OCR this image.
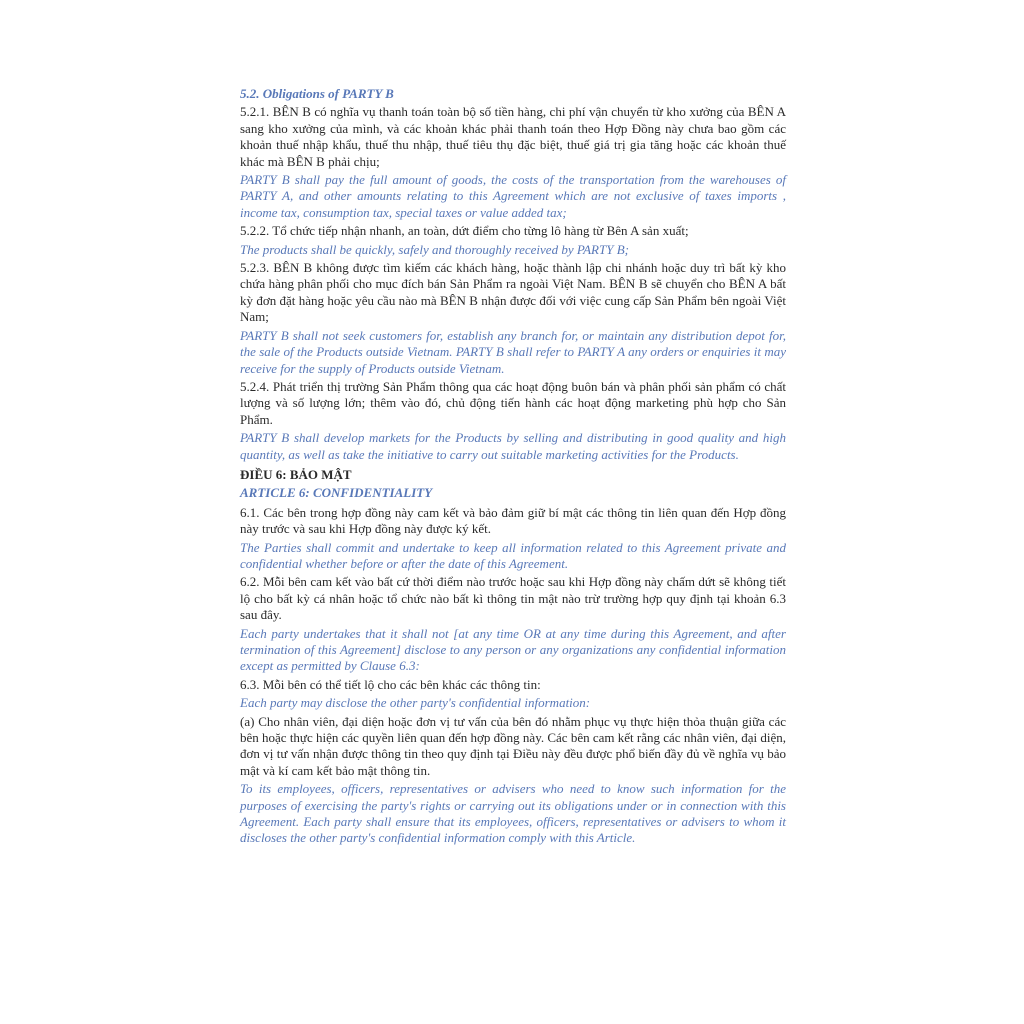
5.2. Obligations of PARTY B
5.2.1. BÊN B có nghĩa vụ thanh toán toàn bộ số tiền hàng, chi phí vận chuyển từ kho xưởng của BÊN A sang kho xưởng của mình, và các khoản khác phải thanh toán theo Hợp Đồng này chưa bao gồm các khoản thuế nhập khẩu, thuế thu nhập, thuế tiêu thụ đặc biệt, thuế giá trị gia tăng hoặc các khoản thuế khác mà BÊN B phải chịu;
PARTY B shall pay the full amount of goods, the costs of the transportation from the warehouses of PARTY A, and other amounts relating to this Agreement which are not exclusive of taxes imports , income tax, consumption tax, special taxes or value added tax;
5.2.2. Tổ chức tiếp nhận nhanh, an toàn, dứt điểm cho từng lô hàng từ Bên A sản xuất;
The products shall be quickly, safely and thoroughly received by PARTY B;
5.2.3. BÊN B không được tìm kiếm các khách hàng, hoặc thành lập chi nhánh hoặc duy trì bất kỳ kho chứa hàng phân phối cho mục đích bán Sản Phẩm ra ngoài Việt Nam. BÊN B sẽ chuyển cho BÊN A bất kỳ đơn đặt hàng hoặc yêu cầu nào mà BÊN B nhận được đối với việc cung cấp Sản Phẩm bên ngoài Việt Nam;
PARTY B shall not seek customers for, establish any branch for, or maintain any distribution depot for, the sale of the Products outside Vietnam. PARTY B shall refer to PARTY A any orders or enquiries it may receive for the supply of Products outside Vietnam.
5.2.4. Phát triển thị trường Sản Phẩm thông qua các hoạt động buôn bán và phân phối sản phẩm có chất lượng và số lượng lớn; thêm vào đó, chủ động tiến hành các hoạt động marketing phù hợp cho Sản Phẩm.
PARTY B shall develop markets for the Products by selling and distributing in good quality and high quantity, as well as take the initiative to carry out suitable marketing activities for the Products.
ĐIỀU 6: BẢO MẬT
ARTICLE 6: CONFIDENTIALITY
6.1. Các bên trong hợp đồng này cam kết và bảo đảm giữ bí mật các thông tin liên quan đến Hợp đồng này trước và sau khi Hợp đồng này được ký kết.
The Parties shall commit and undertake to keep all information related to this Agreement private and confidential whether before or after the date of this Agreement.
6.2. Mỗi bên cam kết vào bất cứ thời điểm nào trước hoặc sau khi Hợp đồng này chấm dứt sẽ không tiết lộ cho bất kỳ cá nhân hoặc tổ chức nào bất kì thông tin mật nào trừ trường hợp quy định tại khoản 6.3 sau đây.
Each party undertakes that it shall not [at any time OR at any time during this Agreement, and after termination of this Agreement] disclose to any person or any organizations any confidential information except as permitted by Clause 6.3:
6.3. Mỗi bên có thể tiết lộ cho các bên khác các thông tin:
Each party may disclose the other party's confidential information:
(a) Cho nhân viên, đại diện hoặc đơn vị tư vấn của bên đó nhằm phục vụ thực hiện thỏa thuận giữa các bên hoặc thực hiện các quyền liên quan đến hợp đồng này. Các bên cam kết rằng các nhân viên, đại diện, đơn vị tư vấn nhận được thông tin theo quy định tại Điều này đều được phổ biến đầy đủ về nghĩa vụ bảo mật và kí cam kết bảo mật thông tin.
To its employees, officers, representatives or advisers who need to know such information for the purposes of exercising the party's rights or carrying out its obligations under or in connection with this Agreement. Each party shall ensure that its employees, officers, representatives or advisers to whom it discloses the other party's confidential information comply with this Article.
